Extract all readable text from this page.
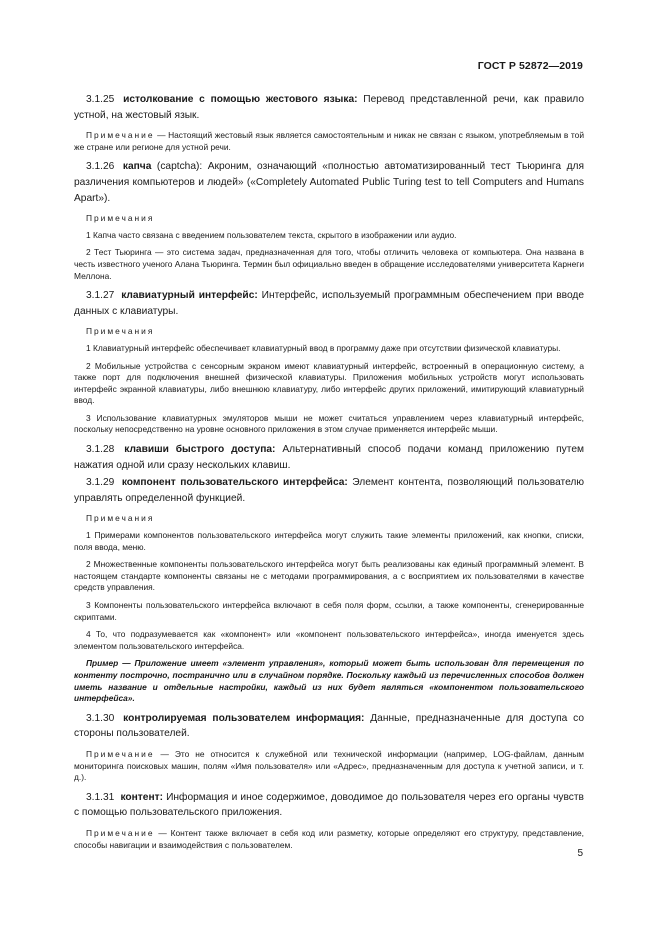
ГОСТ Р 52872—2019

3.1.25 истолкование с помощью жестового языка: Перевод представленной речи, как правило устной, на жестовый язык.

Примечание — Настоящий жестовый язык является самостоятельным и никак не связан с языком, употребляемым в той же стране или регионе для устной речи.

3.1.26 капча (captcha): Акроним, означающий «полностью автоматизированный тест Тьюринга для различения компьютеров и людей» («Completely Automated Public Turing test to tell Computers and Humans Apart»).

Примечания

1 Капча часто связана с введением пользователем текста, скрытого в изображении или аудио.

2 Тест Тьюринга — это система задач, предназначенная для того, чтобы отличить человека от компьютера. Она названа в честь известного ученого Алана Тьюринга. Термин был официально введен в обращение исследователями университета Карнеги Меллона.

3.1.27 клавиатурный интерфейс: Интерфейс, используемый программным обеспечением при вводе данных с клавиатуры.

Примечания

1 Клавиатурный интерфейс обеспечивает клавиатурный ввод в программу даже при отсутствии физической клавиатуры.

2 Мобильные устройства с сенсорным экраном имеют клавиатурный интерфейс, встроенный в операционную систему, а также порт для подключения внешней физической клавиатуры. Приложения мобильных устройств могут использовать интерфейс экранной клавиатуры, либо внешнюю клавиатуру, либо интерфейс других приложений, имитирующий клавиатурный ввод.

3 Использование клавиатурных эмуляторов мыши не может считаться управлением через клавиатурный интерфейс, поскольку непосредственно на уровне основного приложения в этом случае применяется интерфейс мыши.

3.1.28 клавиши быстрого доступа: Альтернативный способ подачи команд приложению путем нажатия одной или сразу нескольких клавиш.

3.1.29 компонент пользовательского интерфейса: Элемент контента, позволяющий пользователю управлять определенной функцией.

Примечания

1 Примерами компонентов пользовательского интерфейса могут служить такие элементы приложений, как кнопки, списки, поля ввода, меню.

2 Множественные компоненты пользовательского интерфейса могут быть реализованы как единый программный элемент. В настоящем стандарте компоненты связаны не с методами программирования, а с восприятием их пользователями в качестве средств управления.

3 Компоненты пользовательского интерфейса включают в себя поля форм, ссылки, а также компоненты, сгенерированные скриптами.

4 То, что подразумевается как «компонент» или «компонент пользовательского интерфейса», иногда именуется здесь элементом пользовательского интерфейса.

Пример — Приложение имеет «элемент управления», который может быть использован для перемещения по контенту построчно, постранично или в случайном порядке. Поскольку каждый из перечисленных способов должен иметь название и отдельные настройки, каждый из них будет являться «компонентом пользовательского интерфейса».

3.1.30 контролируемая пользователем информация: Данные, предназначенные для доступа со стороны пользователей.

Примечание — Это не относится к служебной или технической информации (например, LOG-файлам, данным мониторинга поисковых машин, полям «Имя пользователя» или «Адрес», предназначенным для доступа к учетной записи, и т. д.).

3.1.31 контент: Информация и иное содержимое, доводимое до пользователя через его органы чувств с помощью пользовательского приложения.

Примечание — Контент также включает в себя код или разметку, которые определяют его структуру, представление, способы навигации и взаимодействия с пользователем.

5
